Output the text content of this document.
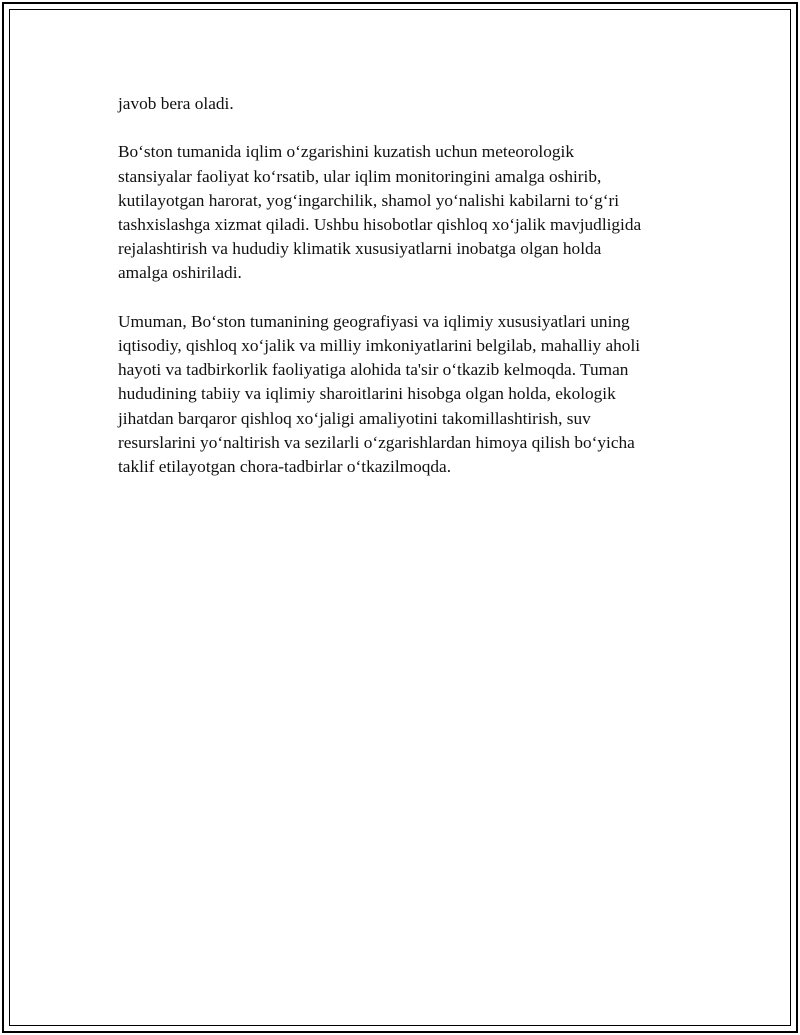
javob bera oladi.

Bo‘ston tumanida iqlim o‘zgarishini kuzatish uchun meteorologik
stansiyalar faoliyat ko‘rsatib, ular iqlim monitoringini amalga oshirib,
kutilayotgan harorat, yog‘ingarchilik, shamol yo‘nalishi kabilarni to‘g‘ri
tashxislashga xizmat qiladi. Ushbu hisobotlar qishloq xo‘jalik mavjudligida
rejalashtirish va hududiy klimatik xususiyatlarni inobatga olgan holda
amalga oshiriladi.

Umuman, Bo‘ston tumanining geografiyasi va iqlimiy xususiyatlari uning
iqtisodiy, qishloq xo‘jalik va milliy imkoniyatlarini belgilab, mahalliy aholi
hayoti va tadbirkorlik faoliyatiga alohida ta'sir o‘tkazib kelmoqda. Tuman
hududining tabiiy va iqlimiy sharoitlarini hisobga olgan holda, ekologik
jihatdan barqaror qishloq xo‘jaligi amaliyotini takomillashtirish, suv
resurslarini yo‘naltirish va sezilarli o‘zgarishlardan himoya qilish bo‘yicha
taklif etilayotgan chora-tadbirlar o‘tkazilmoqda.
